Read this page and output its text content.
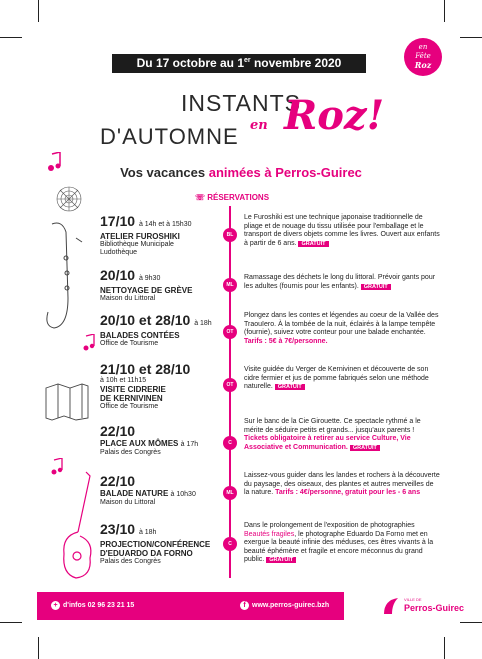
Du 17 octobre au 1er novembre 2020
en
Fête
Roz
INSTANTS
D'AUTOMNE en Roz!
Vos vacances animées à Perros-Guirec
☏ RÉSERVATIONS
17/10 à 14h et à 15h30
ATELIER FUROSHIKI
Bibliothèque Municipale
Ludothèque
BL
Le Furoshiki est une technique japonaise traditionnelle de pliage et de nouage du tissu utilisée pour l'emballage et le transport de divers objets comme les livres. Ouvert aux enfants à partir de 6 ans. GRATUIT
20/10 à 9h30
NETTOYAGE DE GRÈVE
Maison du Littoral
ML
Ramassage des déchets le long du littoral. Prévoir gants pour les adultes (fournis pour les enfants). GRATUIT
20/10 et 28/10 à 18h
BALADES CONTÉES
Office de Tourisme
OT
Plongez dans les contes et légendes au coeur de la Vallée des Traouïero. À la tombée de la nuit, éclairés à la lampe tempête (fournie), suivez votre conteur pour une balade enchantée. Tarifs : 5€ à 7€/personne.
21/10 et 28/10
à 10h et 11h15
VISITE CIDRERIE
DE KERNIVINEN
Office de Tourisme
OT
Visite guidée du Verger de Kernivinen et découverte de son cidre fermier et jus de pomme fabriqués selon une méthode naturelle. GRATUIT
22/10
PLACE AUX MÔMES à 17h
Palais des Congrès
C
Sur le banc de la Cie Girouette. Ce spectacle rythmé a le mérite de séduire petits et grands... jusqu'aux parents ! Tickets obligatoire à retirer au service Culture, Vie Associative et Communication. GRATUIT
22/10
BALADE NATURE à 10h30
Maison du Littoral
ML
Laissez-vous guider dans les landes et rochers à la découverte du paysage, des oiseaux, des plantes et autres merveilles de la nature. Tarifs : 4€/personne, gratuit pour les - 6 ans
23/10 à 18h
PROJECTION/CONFÉRENCE
D'EDUARDO DA FORNO
Palais des Congrès
C
Dans le prolongement de l'exposition de photographies Beautés fragiles, le photographe Eduardo Da Forno met en exergue la beauté infinie des méduses, ces êtres vivants à la beauté éphémère et fragile et encore méconnus du grand public. GRATUIT
+ d'infos 02 96 23 21 15	f www.perros-guirec.bzh
VILLE DE
Perros-Guirec
